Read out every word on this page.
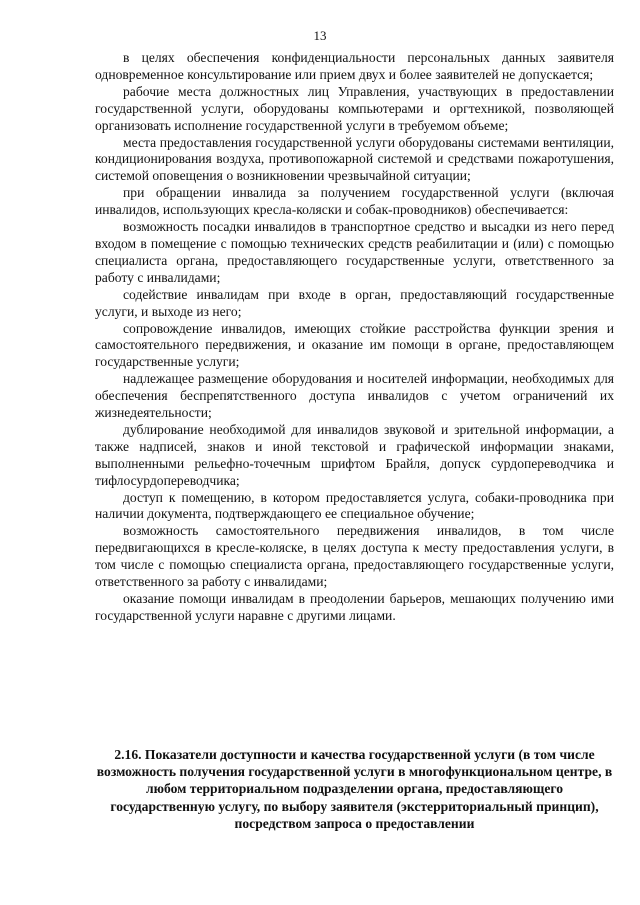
13

в целях обеспечения конфиденциальности персональных данных заявителя одновременное консультирование или прием двух и более заявителей не допускается;

рабочие места должностных лиц Управления, участвующих в предоставлении государственной услуги, оборудованы компьютерами и оргтехникой, позволяющей организовать исполнение государственной услуги в требуемом объеме;

места предоставления государственной услуги оборудованы системами вентиляции, кондиционирования воздуха, противопожарной системой и средствами пожаротушения, системой оповещения о возникновении чрезвычайной ситуации;

при обращении инвалида за получением государственной услуги (включая инвалидов, использующих кресла-коляски и собак-проводников) обеспечивается:

возможность посадки инвалидов в транспортное средство и высадки из него перед входом в помещение с помощью технических средств реабилитации и (или) с помощью специалиста органа, предоставляющего государственные услуги, ответственного за работу с инвалидами;

содействие инвалидам при входе в орган, предоставляющий государственные услуги, и выходе из него;

сопровождение инвалидов, имеющих стойкие расстройства функции зрения и самостоятельного передвижения, и оказание им помощи в органе, предоставляющем государственные услуги;

надлежащее размещение оборудования и носителей информации, необходимых для обеспечения беспрепятственного доступа инвалидов с учетом ограничений их жизнедеятельности;

дублирование необходимой для инвалидов звуковой и зрительной информации, а также надписей, знаков и иной текстовой и графической информации знаками, выполненными рельефно-точечным шрифтом Брайля, допуск сурдопереводчика и тифлосурдопереводчика;

доступ к помещению, в котором предоставляется услуга, собаки-проводника при наличии документа, подтверждающего ее специальное обучение;

возможность самостоятельного передвижения инвалидов, в том числе передвигающихся в кресле-коляске, в целях доступа к месту предоставления услуги, в том числе с помощью специалиста органа, предоставляющего государственные услуги, ответственного за работу с инвалидами;

оказание помощи инвалидам в преодолении барьеров, мешающих получению ими государственной услуги наравне с другими лицами.

2.16. Показатели доступности и качества государственной услуги (в том числе возможность получения государственной услуги в многофункциональном центре, в любом территориальном подразделении органа, предоставляющего государственную услугу, по выбору заявителя (экстерриториальный принцип), посредством запроса о предоставлении
